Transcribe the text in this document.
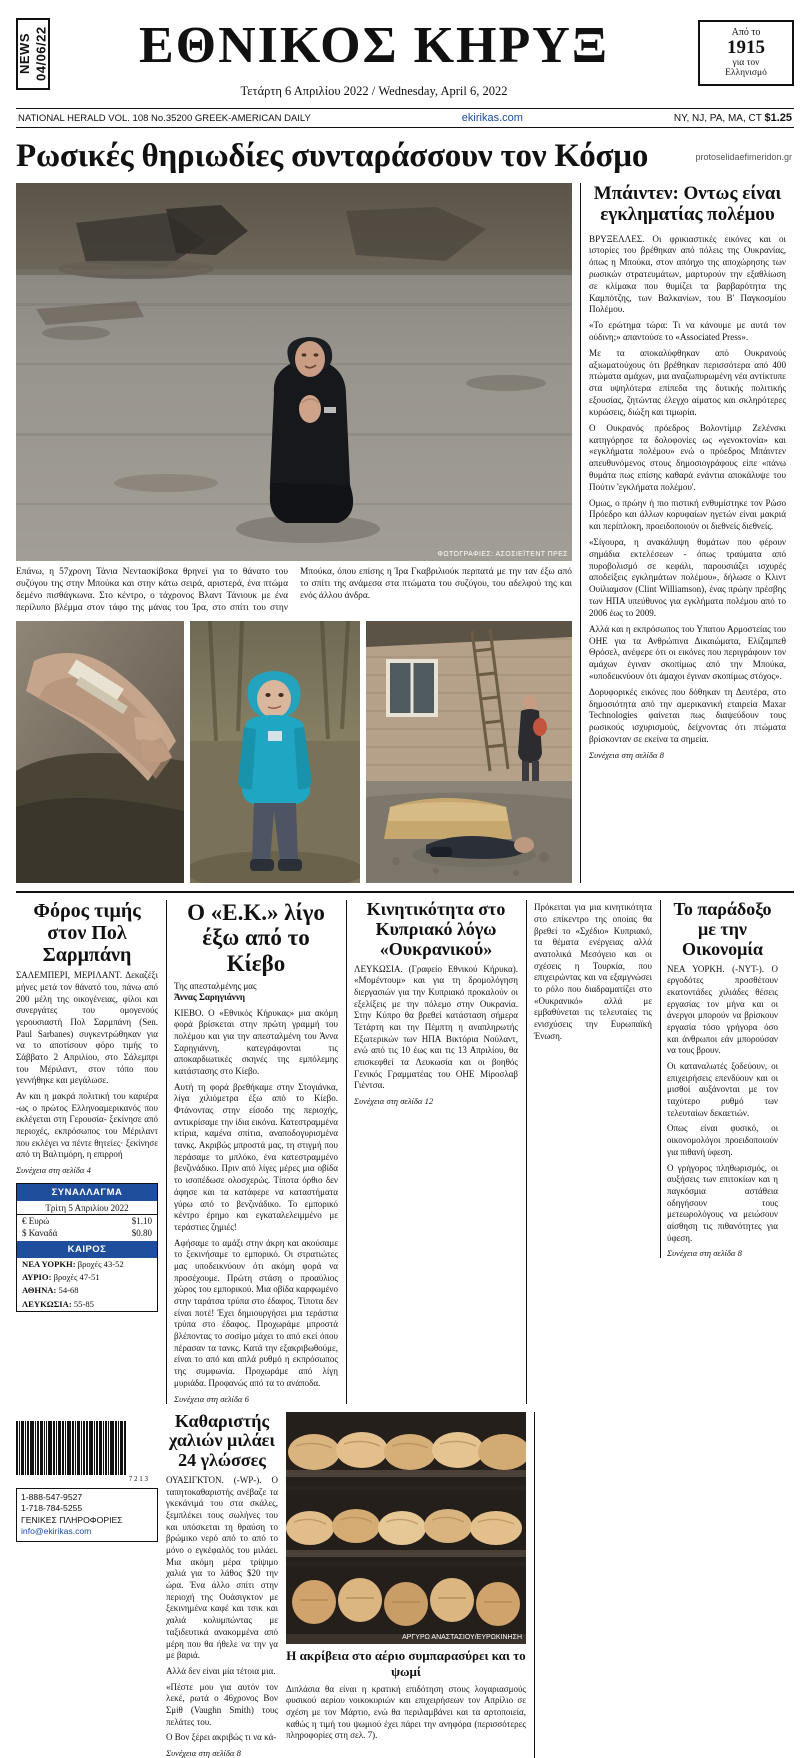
NEWS 04/06/22	ΕΘΝΙΚΟΣ ΚΗΡΥΞ
Τετάρτη 6 Απριλίου 2022 / Wednesday, April 6, 2022
Από το
1915
για τον
Ελληνισμό
NATIONAL HERALD VOL. 108 No.35200 GREEK-AMERICAN DAILY	ekirikas.com	ΝΥ, ΝJ, ΡΑ, ΜΑ, CT $1.25
Ρωσικές θηριωδίες συνταράσσουν τον Κόσμο	protoselidaefimeridon.gr
ΦΩΤΟΓΡΑΦΙΕΣ: ΑΣΟΣΙΕΪΤΕΝΤ ΠΡΕΣ
Επάνω, η 57χρονη Τάνια Νεντασκίβσκα θρηνεί για το θάνατο του συζύγου της στην Μπούκα και στην κάτω σειρά, αριστερά, ένα πτώμα δεμένο πισθάγκωνα. Στο κέντρο, ο τάχρονος Βλαντ Τάνιουκ με ένα περίλυπο βλέμμα στον τάφο της μάνας του Ίρα, στο σπίτι του στην Μπούκα, όπου επίσης η Ίρα Γκαβριλιούκ περπατά με την ταν έξω από το σπίτι της ανάμεσα στα πτώματα του συζύγου, του αδελφού της και ενός άλλου άνδρα.
Μπάιντεν: Οντως είναι εγκληματίας πολέμου

ΒΡΥΞΕΛΛΕΣ. Οι φρικιαστικές εικόνες και οι ιστορίες του βρέθηκαν από πόλεις της Ουκρανίας, όπως η Μπούκα, στον απόηχο της αποχώρησης των ρωσικών στρατευμάτων, μαρτυρούν την εξαθλίωση σε κλίμακα που θυμίζει τα βαρβαρότητα της Καμπότζης, των Βαλκανίων, του Β' Παγκοσμίου Πολέμου.

«Το ερώτημα τώρα: Τι να κάνουμε με αυτά τον ούδινη;» απαντούσε το «Associated Press».

Με τα αποκαλύφθηκαν από Ουκρανούς αξιωματούχους ότι βρέθηκαν περισσότερα από 400 πτώματα αμάχων, μια αναζωπυρωμένη νέα αντίκτυπε στα υψηλότερα επίπεδα της δυτικής πολιτικής εξουσίας, ζητώντας έλεγχο αίματος και σκληρότερες κυρώσεις, διώξη και τιμωρία.

Ο Ουκρανός πρόεδρος Βολοντίμιρ Ζελένσκι κατηγόρησε τα δολοφονίες ως «γενοκτονία» και «εγκλήματα πολέμου» ενώ ο πρόεδρος Μπάιντεν απευθυνόμενος στους δημοσιογράφους είπε «πάνω θυμάτα πως επίσης καθαρά ενάντια αποκάλυψε του Πούτιν 'εγκλήματα πολέμου'.

Ομως, ο πρώην ή πιο πιστική ενθυμίστηκε τον Ρώσο Πρόεδρο και άλλων κορυφαίων ηγετών είναι μακριά και περίπλοκη, προειδοποιούν οι διεθνείς διεθνείς.

«Σίγουρα, η ανακάλυψη θυμάτων που φέρουν σημάδια εκτελέσεων - όπως τραύματα από πυροβολισμό σε κεφάλι, παρουσιάζει ισχυρές αποδείξεις εγκλημάτων πολέμου», δήλωσε ο Κλιντ Ουίλιαμσον (Clint Williamson), ένας πρώην πρέσβης των ΗΠΑ υπεύθυνος για εγκλήματα πολέμου από το 2006 έως το 2009.

Αλλά και η εκπρόσωπος του Υπατου Αρμοστείας του ΟΗΕ για τα Ανθρώπινα Δικαιώματα, Ελίζαμπεθ Θρόσελ, ανέφερε ότι οι εικόνες που περιγράφουν τον αμάχων έγιναν σκοπίμως από την Μπούκα, «υποδεικνύουν ότι άμαχοι έγιναν σκοπίμως στόχος».

Δορυφορικές εικόνες που δόθηκαν τη Δευτέρα, στο δημοσιότητα από την αμερικανική εταιρεία Maxar Technologies φαίνεται πως διαψεύδουν τους ρωσικούς ισχυρισμούς, δείχνοντας ότι πτώματα βρίσκονταν σε εκείνα τα σημεία.

Συνέχεια στη σελίδα 8

Φόρος τιμής
στον Πολ
Σαρμπάνη

ΣΑΛΕΜΠΕΡΙ, ΜΕΡΙΛΑΝΤ. Δεκαζέξι μήνες μετά τον θάνατό του, πάνω από 200 μέλη της οικογένειας, φίλοι και συνεργάτες του ομογενούς γερουσιαστή Πολ Σαρμπάνη (Sen. Paul Sarbanes) συγκεντρώθηκαν για να το αποτίσουν φόρο τιμής το Σάββατο 2 Απριλίου, στο Σάλεμπρι του Μέριλαντ, στον τόπο που γεννήθηκε και μεγάλωσε.

Αν και η μακρά πολιτική του καριέρα -ως ο πρώτος Ελληνοαμερικανός που εκλέγεται στη Γερουσία- ξεκίνησε από περιοχές, εκπρόσωπος του Μέριλαντ που εκλέγει να πέντε θητείες· ξεκίνησε από τη Βαλτιμόρη, η επιρροή

Συνέχεια στη σελίδα 4
ΣΥΝΑΛΛΑΓΜΑ
Τρίτη 5 Απριλίου 2022
€ Ευρώ	$1.10
$ Καναδά	$0.80
ΚΑΙΡΟΣ
ΝΕΑ ΥΟΡΚΗ: βροχές 43-52
ΑΥΡΙΟ: βροχές 47-51
ΑΘΗΝΑ: 54-68
ΛΕΥΚΩΣΙΑ: 55-85
Ο «Ε.Κ.» λίγο έξω από το Κίεβο
Της απεσταλμένης μας
Άννας Σαρηγιάννη

ΚΙΕΒΟ. Ο «Εθνικός Κήρυκας» μια ακόμη φορά βρίσκεται στην πρώτη γραμμή του πολέμου και για την απεσταλμένη του Άννα Σαρηγιάννη, κατεγράφονται τις αποκαρδιωτικές σκηνές της εμπόλεμης κατάστασης στο Κίεβο.

Αυτή τη φορά βρεθήκαμε στην Στογιάνκα, λίγα χιλιόμετρα έξω από το Κίεβο. Φτάνοντας στην είσοδο της περιοχής, αντικρίσαμε την ίδια εικόνα. Κατεστραμμένα κτίρια, καμένα σπίτια, αναποδογυρισμένα τανκς. Ακριβώς μπροστά μας, τη στιγμή που περάσαμε το μπλόκο, ένα κατεστραμμένο βενζινάδικο. Πριν από λίγες μέρες μια οβίδα το ισοπέδωσε ολοσχερώς. Τίποτα όρθιο δεν άφησε και τα κατάφερε να καταστήματα γύρω από το βενζινάδικο. Το εμπορικό κέντρο έρημο και εγκαταλελειμμένο με τεράστιες ζημιές!

Αφήσαμε το αμάξι στην άκρη και ακούσαμε το ξεκινήσαμε το εμπορικό. Οι στρατιώτες μας υποδεικνύουν ότι ακόμη φορά να προσέχουμε. Πρώτη στάση ο προαύλιος χώρος του εμπορικού. Μια οβίδα καρφωμένο στην ταράτσα τρύπα στο έδαφος. Τίποτα δεν είναι ποτέ! Έχει δημιουργήσει μια τεράστια τρύπα στο έδαφος. Προχωράμε μπροστά βλέποντας το σοσίμο μάχει το από εκεί όπου πέρασαν τα τανκς. Κατά την εξακριβωθούμε, είναι το από και απλά ρυθμό η εκπρόσωπος της συμφωνία. Προχωράμε από λίγη μυριάδα. Προφανώς από τα το ανάποδα.

Συνέχεια στη σελίδα 6
Κινητικότητα στο Κυπριακό λόγω «Ουκρανικού»

ΛΕΥΚΩΣΙΑ. (Γραφείο Εθνικού Κήρυκα). «Μομέντουμ» και για τη δρομολόγηση διεργασιών για την Κυπριακό προκαλούν οι εξελίξεις με την πόλεμο στην Ουκρανία. Στην Κύπρο θα βρεθεί κατάσταση σήμερα Τετάρτη και την Πέμπτη η αναπληρωτής Εξωτερικών των ΗΠΑ Βικτόρια Νούλαντ, ενώ από τις 10 έως και τις 13 Απριλίου, θα επισκεφθεί τα Λευκωσία και οι βοηθός Γενικός Γραμματέας του ΟΗΕ Μίροσλαβ Γιέντσα.

Συνέχεια στη σελίδα 12

Πρόκειται για μια κινητικότητα στο επίκεντρο της οποίας θα βρεθεί το «Σχέδιο» Κυπριακό, τα θέματα ενέργειας αλλά ανατολικά Μεσόγειο και οι σχέσεις η Τουρκία, που επιχειρώντας και να εξαμγνώσει το ρόλο που διαδραματίζει στο «Ουκρανικό» αλλά με εμβαθύνεται τις τελευταίες τις ενισχύσεις την Ευρωπαϊκή Ένωση.

Το παράδοξο με την Οικονομία

ΝΕΑ ΥΟΡΚΗ. (-ΝΥΤ-). Ο εργοδότες προσθέτουν εκατοντάδες χιλιάδες θέσεις εργασίας τον μήνα και οι άνεργοι μπορούν να βρίσκουν εργασία τόσο γρήγορα όσο και άνθρωποι εάν μπορούσαν να τους βρουν.

Οι καταναλωτές ξοδεύουν, οι επιχειρήσεις επενδύουν και οι μισθοί αυξάνονται με τον ταχύτερο ρυθμό των τελευταίων δεκαετιών.

Οπως είναι φυσικό, οι οικονομολόγοι προειδοποιούν για πιθανή ύφεση.

Ο γρήγορος πληθωρισμός, οι αυξήσεις των επιτοκίων και η παγκόσμια αστάθεια οδηγήσουν τους μετεωρολόγους να μειώσουν αίσθηση τις πιθανότητες για ύφεση.

Συνέχεια στη σελίδα 8
7 2 1 3
1-888-547-9527
1-718-784-5255
ΓΕΝΙΚΕΣ ΠΛΗΡΟΦΟΡΙΕΣ
info@ekirikas.com
Καθαριστής
χαλιών μιλάει
24 γλώσσες

ΟΥΑΣΙΓΚΤΟΝ. (-WP-). Ο ταπητοκαθαριστής ανέβαζε τα γκεκάνιμά του στα σκάλες, ξεμπλέκει τους σωλήνες του και υπόσκεται τη θραύση το βρώμικο νερό από το από το μόνο ο εγκέφαλός του μιλάει. Μια ακόμη μέρα τρίψιμο χαλιά για το λάθος $20 την ώρα. Ένα άλλο σπίτι στην περιοχή της Ουάσιγκτον με ξεκινημένα καφέ και τσικ και χαλιά κολυμπώντας με ταξιδευτικά ανακομμένα από μέρη που θα ήθελε να την γα με βαριά.

Αλλά δεν είναι μία τέτοια μια.

«Πέστε μου για αυτόν τον λεκέ, ρωτά ο 46χρονος Βον Σμίθ (Vaughn Smith) τους πελάτες του.

Ο Βον ξέρει ακριβώς τι να κά-

Συνέχεια στη σελίδα 8
ΑΡΓΥΡΩ ΑΝΑΣΤΑΣΙΟΥ/ΕΥΡΩΚΙΝΗΣΗ
Η ακρίβεια στο αέριο συμπαρασύρει και το ψωμί
Διπλάσια θα είναι η κρατική επιδότηση στους λογαριασμούς φυσικού αερίου νοικοκυριών και επιχειρήσεων τον Απρίλιο σε σχέση με τον Μάρτιο, ενώ θα περιλαμβάνει και τα αρτοποιεία, καθώς η τιμή του ψωμιού έχει πάρει την ανηφόρα (περισσότερες πληροφορίες στη σελ. 7).
